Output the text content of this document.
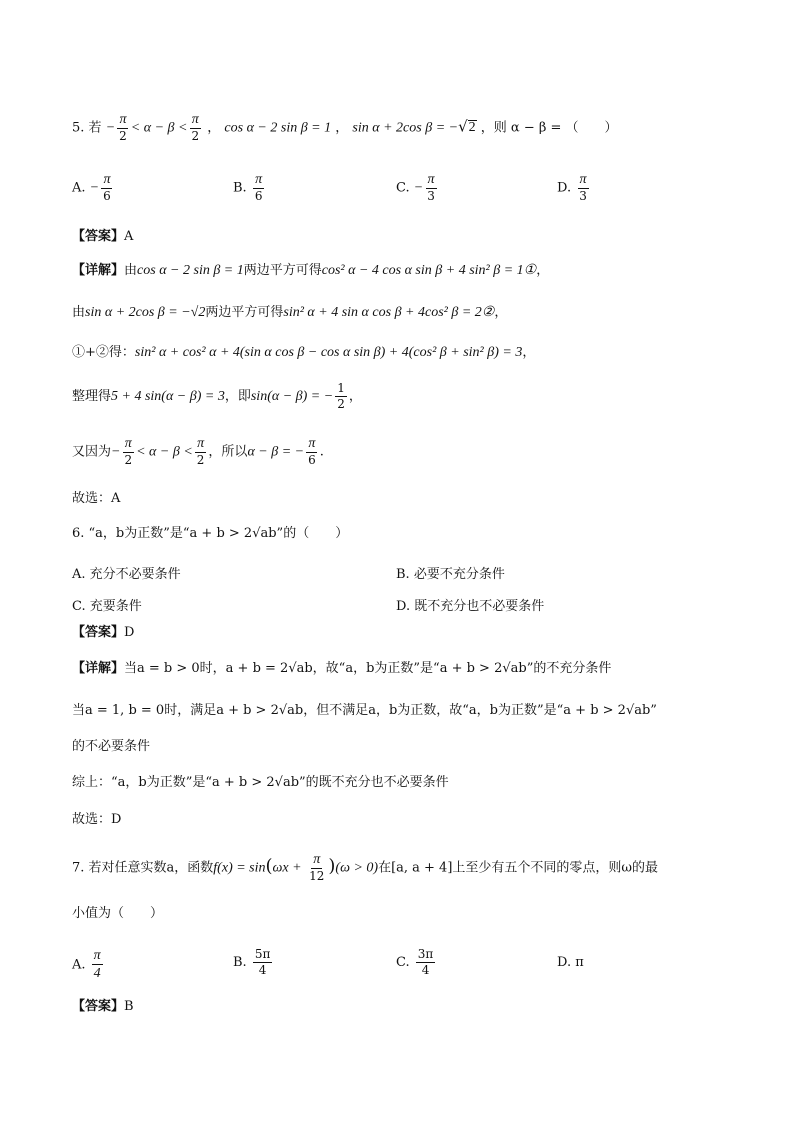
5. 若 − $\frac{\pi}{2} < \alpha - \beta < \frac{\pi}{2}$ ， cos α − 2 sin β = 1 ， sin α + 2cos β = −√2 ，则 α − β = （　　）
A. − $\frac{\pi}{6}$	B. $\frac{\pi}{6}$	C. − $\frac{\pi}{3}$	D. $\frac{\pi}{3}$
【答案】A
【详解】由cos α − 2 sin β = 1两边平方可得cos² α − 4 cos α sin β + 4 sin² β = 1①，
由sin α + 2cos β = −√2两边平方可得sin² α + 4 sin α cos β + 4cos² β = 2②，
①+②得：sin² α + cos² α + 4(sin α cos β − cos α sin β) + 4(cos² β + sin² β) = 3，
整理得5 + 4 sin(α − β) = 3，即sin(α − β) = − $\frac{1}{2}$ ，
又因为− $\frac{\pi}{2} < \alpha - \beta < \frac{\pi}{2}$ ，所以α − β = − $\frac{\pi}{6}$ .
故选：A
6. “a，b为正数”是“a + b > 2√ab”的（　　）
A. 充分不必要条件	B. 必要不充分条件
C. 充要条件	D. 既不充分也不必要条件
【答案】D
【详解】当a = b > 0时，a + b = 2√ab，故“a，b为正数”是“a + b > 2√ab”的不充分条件
当a = 1, b = 0时，满足a + b > 2√ab，但不满足a，b为正数，故“a，b为正数”是“a + b > 2√ab”
的不必要条件
综上：“a，b为正数”是“a + b > 2√ab”的既不充分也不必要条件
故选：D
7. 若对任意实数a，函数$f(x) = \sin(\omega x + \frac{\pi}{12} )(\omega > 0)$在[a, a + 4]上至少有五个不同的零点，则ω的最
小值为（　　）
A. $\frac{\pi}{4}$	B. $\frac{5\pi}{4}$	C. $\frac{3\pi}{4}$	D. π
【答案】B
